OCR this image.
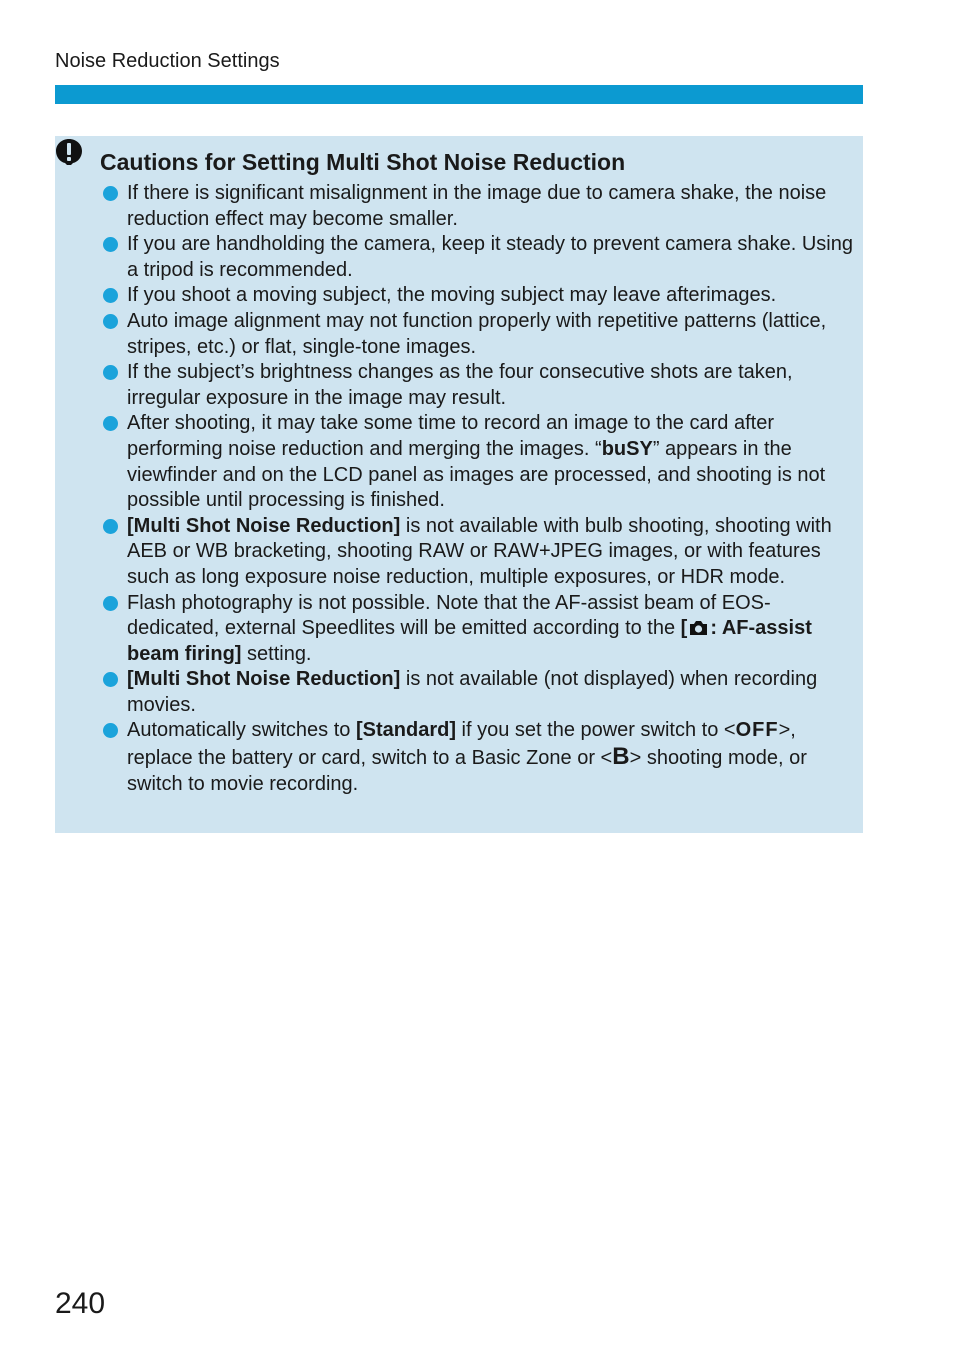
Noise Reduction Settings
Cautions for Setting Multi Shot Noise Reduction
If there is significant misalignment in the image due to camera shake, the noise reduction effect may become smaller.
If you are handholding the camera, keep it steady to prevent camera shake. Using a tripod is recommended.
If you shoot a moving subject, the moving subject may leave afterimages.
Auto image alignment may not function properly with repetitive patterns (lattice, stripes, etc.) or flat, single-tone images.
If the subject’s brightness changes as the four consecutive shots are taken, irregular exposure in the image may result.
After shooting, it may take some time to record an image to the card after performing noise reduction and merging the images. “buSY” appears in the viewfinder and on the LCD panel as images are processed, and shooting is not possible until processing is finished.
[Multi Shot Noise Reduction] is not available with bulb shooting, shooting with AEB or WB bracketing, shooting RAW or RAW+JPEG images, or with features such as long exposure noise reduction, multiple exposures, or HDR mode.
Flash photography is not possible. Note that the AF-assist beam of EOS-dedicated, external Speedlites will be emitted according to the [ : AF-assist beam firing] setting.
[Multi Shot Noise Reduction] is not available (not displayed) when recording movies.
Automatically switches to [Standard] if you set the power switch to <OFF>, replace the battery or card, switch to a Basic Zone or <B> shooting mode, or switch to movie recording.
240
